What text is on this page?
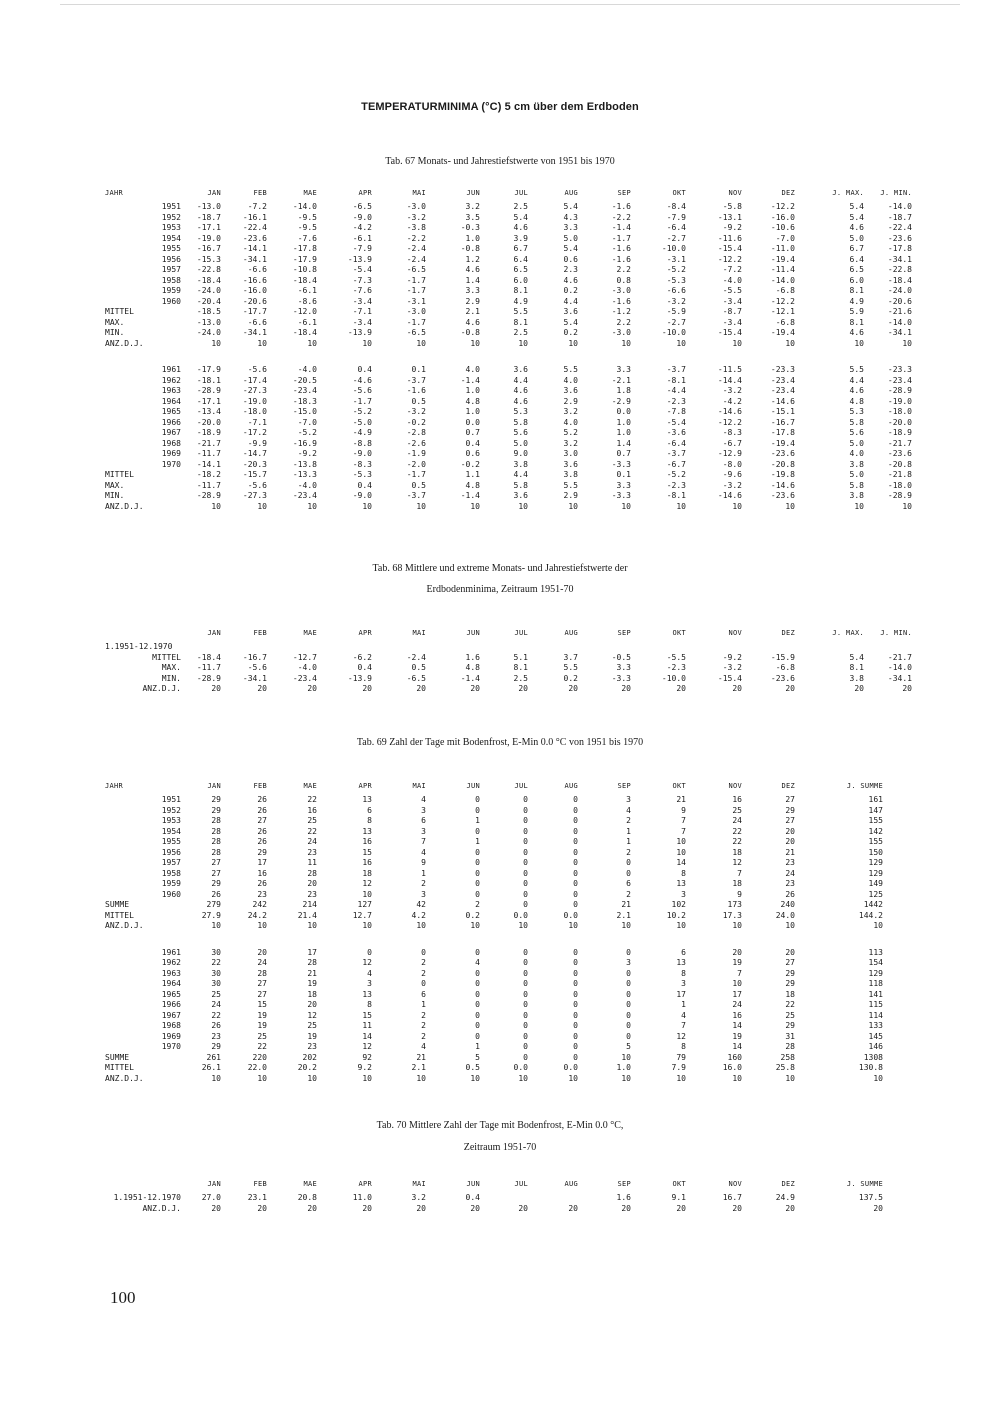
TEMPERATURMINIMA (°C) 5 cm über dem Erdboden
Tab. 67 Monats- und Jahrestiefstwerte von 1951 bis 1970
JAHR	JAN	FEB	MAE	APR	MAI	JUN	JUL	AUG	SEP	OKT	NOV	DEZ	J. MAX.	J. MIN.
1951	-13.0	-7.2	-14.0	-6.5	-3.0	3.2	2.5	5.4	-1.6	-8.4	-5.8	-12.2	5.4	-14.0
1952	-18.7	-16.1	-9.5	-9.0	-3.2	3.5	5.4	4.3	-2.2	-7.9	-13.1	-16.0	5.4	-18.7
1953	-17.1	-22.4	-9.5	-4.2	-3.8	-0.3	4.6	3.3	-1.4	-6.4	-9.2	-10.6	4.6	-22.4
1954	-19.0	-23.6	-7.6	-6.1	-2.2	1.0	3.9	5.0	-1.7	-2.7	-11.6	-7.0	5.0	-23.6
1955	-16.7	-14.1	-17.8	-7.9	-2.4	-0.8	6.7	5.4	-1.6	-10.0	-15.4	-11.0	6.7	-17.8
1956	-15.3	-34.1	-17.9	-13.9	-2.4	1.2	6.4	0.6	-1.6	-3.1	-12.2	-19.4	6.4	-34.1
1957	-22.8	-6.6	-10.8	-5.4	-6.5	4.6	6.5	2.3	2.2	-5.2	-7.2	-11.4	6.5	-22.8
1958	-18.4	-16.6	-18.4	-7.3	-1.7	1.4	6.0	4.6	0.8	-5.3	-4.0	-14.0	6.0	-18.4
1959	-24.0	-16.0	-6.1	-7.6	-1.7	3.3	8.1	0.2	-3.0	-6.6	-5.5	-6.8	8.1	-24.0
1960	-20.4	-20.6	-8.6	-3.4	-3.1	2.9	4.9	4.4	-1.6	-3.2	-3.4	-12.2	4.9	-20.6
MITTEL	-18.5	-17.7	-12.0	-7.1	-3.0	2.1	5.5	3.6	-1.2	-5.9	-8.7	-12.1	5.9	-21.6
MAX.	-13.0	-6.6	-6.1	-3.4	-1.7	4.6	8.1	5.4	2.2	-2.7	-3.4	-6.8	8.1	-14.0
MIN.	-24.0	-34.1	-18.4	-13.9	-6.5	-0.8	2.5	0.2	-3.0	-10.0	-15.4	-19.4	4.6	-34.1
ANZ.D.J.	10	10	10	10	10	10	10	10	10	10	10	10	10	10

1961	-17.9	-5.6	-4.0	0.4	0.1	4.0	3.6	5.5	3.3	-3.7	-11.5	-23.3	5.5	-23.3
1962	-18.1	-17.4	-20.5	-4.6	-3.7	-1.4	4.4	4.0	-2.1	-8.1	-14.4	-23.4	4.4	-23.4
1963	-28.9	-27.3	-23.4	-5.6	-1.6	1.0	4.6	3.6	1.8	-4.4	-3.2	-23.4	4.6	-28.9
1964	-17.1	-19.0	-18.3	-1.7	0.5	4.8	4.6	2.9	-2.9	-2.3	-4.2	-14.6	4.8	-19.0
1965	-13.4	-18.0	-15.0	-5.2	-3.2	1.0	5.3	3.2	0.0	-7.8	-14.6	-15.1	5.3	-18.0
1966	-20.0	-7.1	-7.0	-5.0	-0.2	0.0	5.8	4.0	1.0	-5.4	-12.2	-16.7	5.8	-20.0
1967	-18.9	-17.2	-5.2	-4.9	-2.8	0.7	5.6	5.2	1.0	-3.6	-8.3	-17.8	5.6	-18.9
1968	-21.7	-9.9	-16.9	-8.8	-2.6	0.4	5.0	3.2	1.4	-6.4	-6.7	-19.4	5.0	-21.7
1969	-11.7	-14.7	-9.2	-9.0	-1.9	0.6	9.0	3.0	0.7	-3.7	-12.9	-23.6	4.0	-23.6
1970	-14.1	-20.3	-13.8	-8.3	-2.0	-0.2	3.8	3.6	-3.3	-6.7	-8.0	-20.8	3.8	-20.8
MITTEL	-18.2	-15.7	-13.3	-5.3	-1.7	1.1	4.4	3.8	0.1	-5.2	-9.6	-19.8	5.0	-21.8
MAX.	-11.7	-5.6	-4.0	0.4	0.5	4.8	5.8	5.5	3.3	-2.3	-3.2	-14.6	5.8	-18.0
MIN.	-28.9	-27.3	-23.4	-9.0	-3.7	-1.4	3.6	2.9	-3.3	-8.1	-14.6	-23.6	3.8	-28.9
ANZ.D.J.	10	10	10	10	10	10	10	10	10	10	10	10	10	10
Tab. 68 Mittlere und extreme Monats- und Jahrestiefstwerte der
Erdbodenminima, Zeitraum 1951-70
	JAN	FEB	MAE	APR	MAI	JUN	JUL	AUG	SEP	OKT	NOV	DEZ	J. MAX.	J. MIN.
1.1951-12.1970														
MITTEL	-18.4	-16.7	-12.7	-6.2	-2.4	1.6	5.1	3.7	-0.5	-5.5	-9.2	-15.9	5.4	-21.7
MAX.	-11.7	-5.6	-4.0	0.4	0.5	4.8	8.1	5.5	3.3	-2.3	-3.2	-6.8	8.1	-14.0
MIN.	-28.9	-34.1	-23.4	-13.9	-6.5	-1.4	2.5	0.2	-3.3	-10.0	-15.4	-23.6	3.8	-34.1
ANZ.D.J.	20	20	20	20	20	20	20	20	20	20	20	20	20	20
Tab. 69 Zahl der Tage mit Bodenfrost, E-Min 0.0 °C von 1951 bis 1970
JAHR	JAN	FEB	MAE	APR	MAI	JUN	JUL	AUG	SEP	OKT	NOV	DEZ	J. SUMME
1951	29	26	22	13	4	0	0	0	3	21	16	27	161
1952	29	26	16	6	3	0	0	0	4	9	25	29	147
1953	28	27	25	8	6	1	0	0	2	7	24	27	155
1954	28	26	22	13	3	0	0	0	1	7	22	20	142
1955	28	26	24	16	7	1	0	0	1	10	22	20	155
1956	28	29	23	15	4	0	0	0	2	10	18	21	150
1957	27	17	11	16	9	0	0	0	0	14	12	23	129
1958	27	16	28	18	1	0	0	0	0	8	7	24	129
1959	29	26	20	12	2	0	0	0	6	13	18	23	149
1960	26	23	23	10	3	0	0	0	2	3	9	26	125
SUMME	279	242	214	127	42	2	0	0	21	102	173	240	1442
MITTEL	27.9	24.2	21.4	12.7	4.2	0.2	0.0	0.0	2.1	10.2	17.3	24.0	144.2
ANZ.D.J.	10	10	10	10	10	10	10	10	10	10	10	10	10

1961	30	20	17	0	0	0	0	0	0	6	20	20	113
1962	22	24	28	12	2	4	0	0	3	13	19	27	154
1963	30	28	21	4	2	0	0	0	0	8	7	29	129
1964	30	27	19	3	0	0	0	0	0	3	10	29	118
1965	25	27	18	13	6	0	0	0	0	17	17	18	141
1966	24	15	20	8	1	0	0	0	0	1	24	22	115
1967	22	19	12	15	2	0	0	0	0	4	16	25	114
1968	26	19	25	11	2	0	0	0	0	7	14	29	133
1969	23	25	19	14	2	0	0	0	0	12	19	31	145
1970	29	22	23	12	4	1	0	0	5	8	14	28	146
SUMME	261	220	202	92	21	5	0	0	10	79	160	258	1308
MITTEL	26.1	22.0	20.2	9.2	2.1	0.5	0.0	0.0	1.0	7.9	16.0	25.8	130.8
ANZ.D.J.	10	10	10	10	10	10	10	10	10	10	10	10	10
Tab. 70 Mittlere Zahl der Tage mit Bodenfrost, E-Min 0.0 °C,
Zeitraum 1951-70
	JAN	FEB	MAE	APR	MAI	JUN	JUL	AUG	SEP	OKT	NOV	DEZ	J. SUMME
1.1951-12.1970	27.0	23.1	20.8	11.0	3.2	0.4			1.6	9.1	16.7	24.9	137.5
ANZ.D.J.	20	20	20	20	20	20	20	20	20	20	20	20	20
100
